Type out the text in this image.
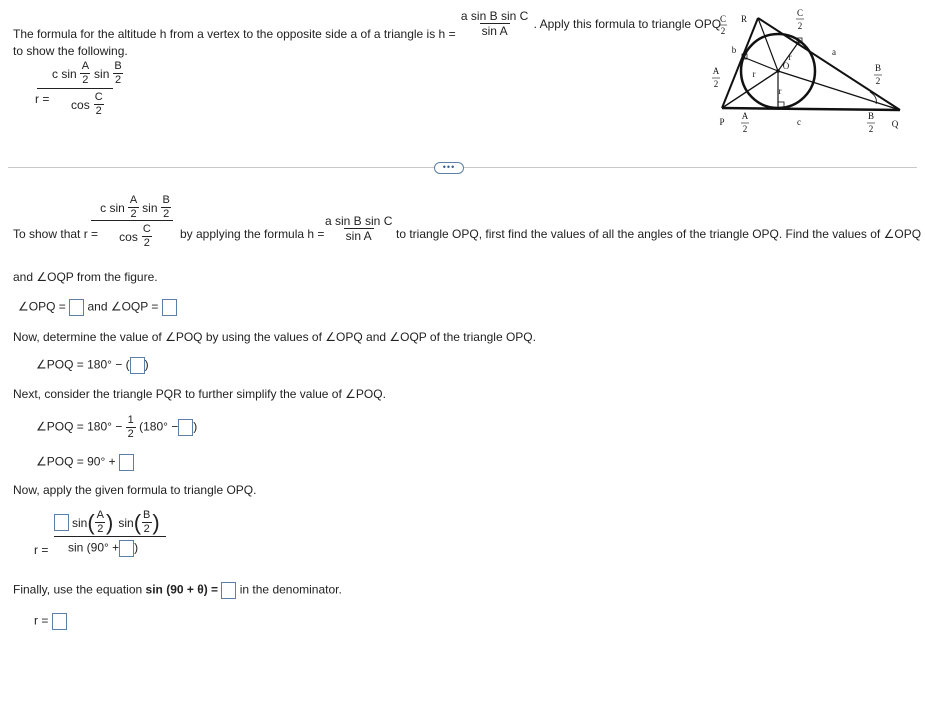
The formula for the altitude h from a vertex to the opposite side a of a triangle is $h = \frac{\text{a sin B sin C}}{\text{sin A}}$ . Apply this formula to triangle OPQ
to show the following.
r =
c $\sin \frac{A}{2}$ $\sin \frac{B}{2}$
$\cos \frac{C}{2}$
C
2
R
C
2
b	a
O
r
r
r
A
2
P
A
2
c
B
2
B
2 Q
•••
To show that r =
c $\sin \frac{A}{2}$ $\sin \frac{B}{2}$
$\cos \frac{C}{2}$ by applying the formula h =
$\frac{\text{a sin B sin C}}{\text{sin A}}$ to triangle OPQ, first find the values of all the angles of the triangle OPQ. Find the values of ∠OPQ
and ∠OQP from the figure.
∠OPQ = and ∠OQP =
Now, determine the value of ∠POQ by using the values of ∠OPQ and ∠OQP of the triangle OPQ.
∠POQ = 180° − ( )
Next, consider the triangle PQR to further simplify the value of ∠POQ.
∠POQ = $180^\circ - \frac{1}{2} (180^\circ$ − )
∠POQ = 90° +
Now, apply the given formula to triangle OPQ.
r =
sin ( $\frac{A}{2}$ ) sin ( $\frac{B}{2}$ )
sin (90° + )
Finally, use the equation sin (90 + θ) = in the denominator.
r =
